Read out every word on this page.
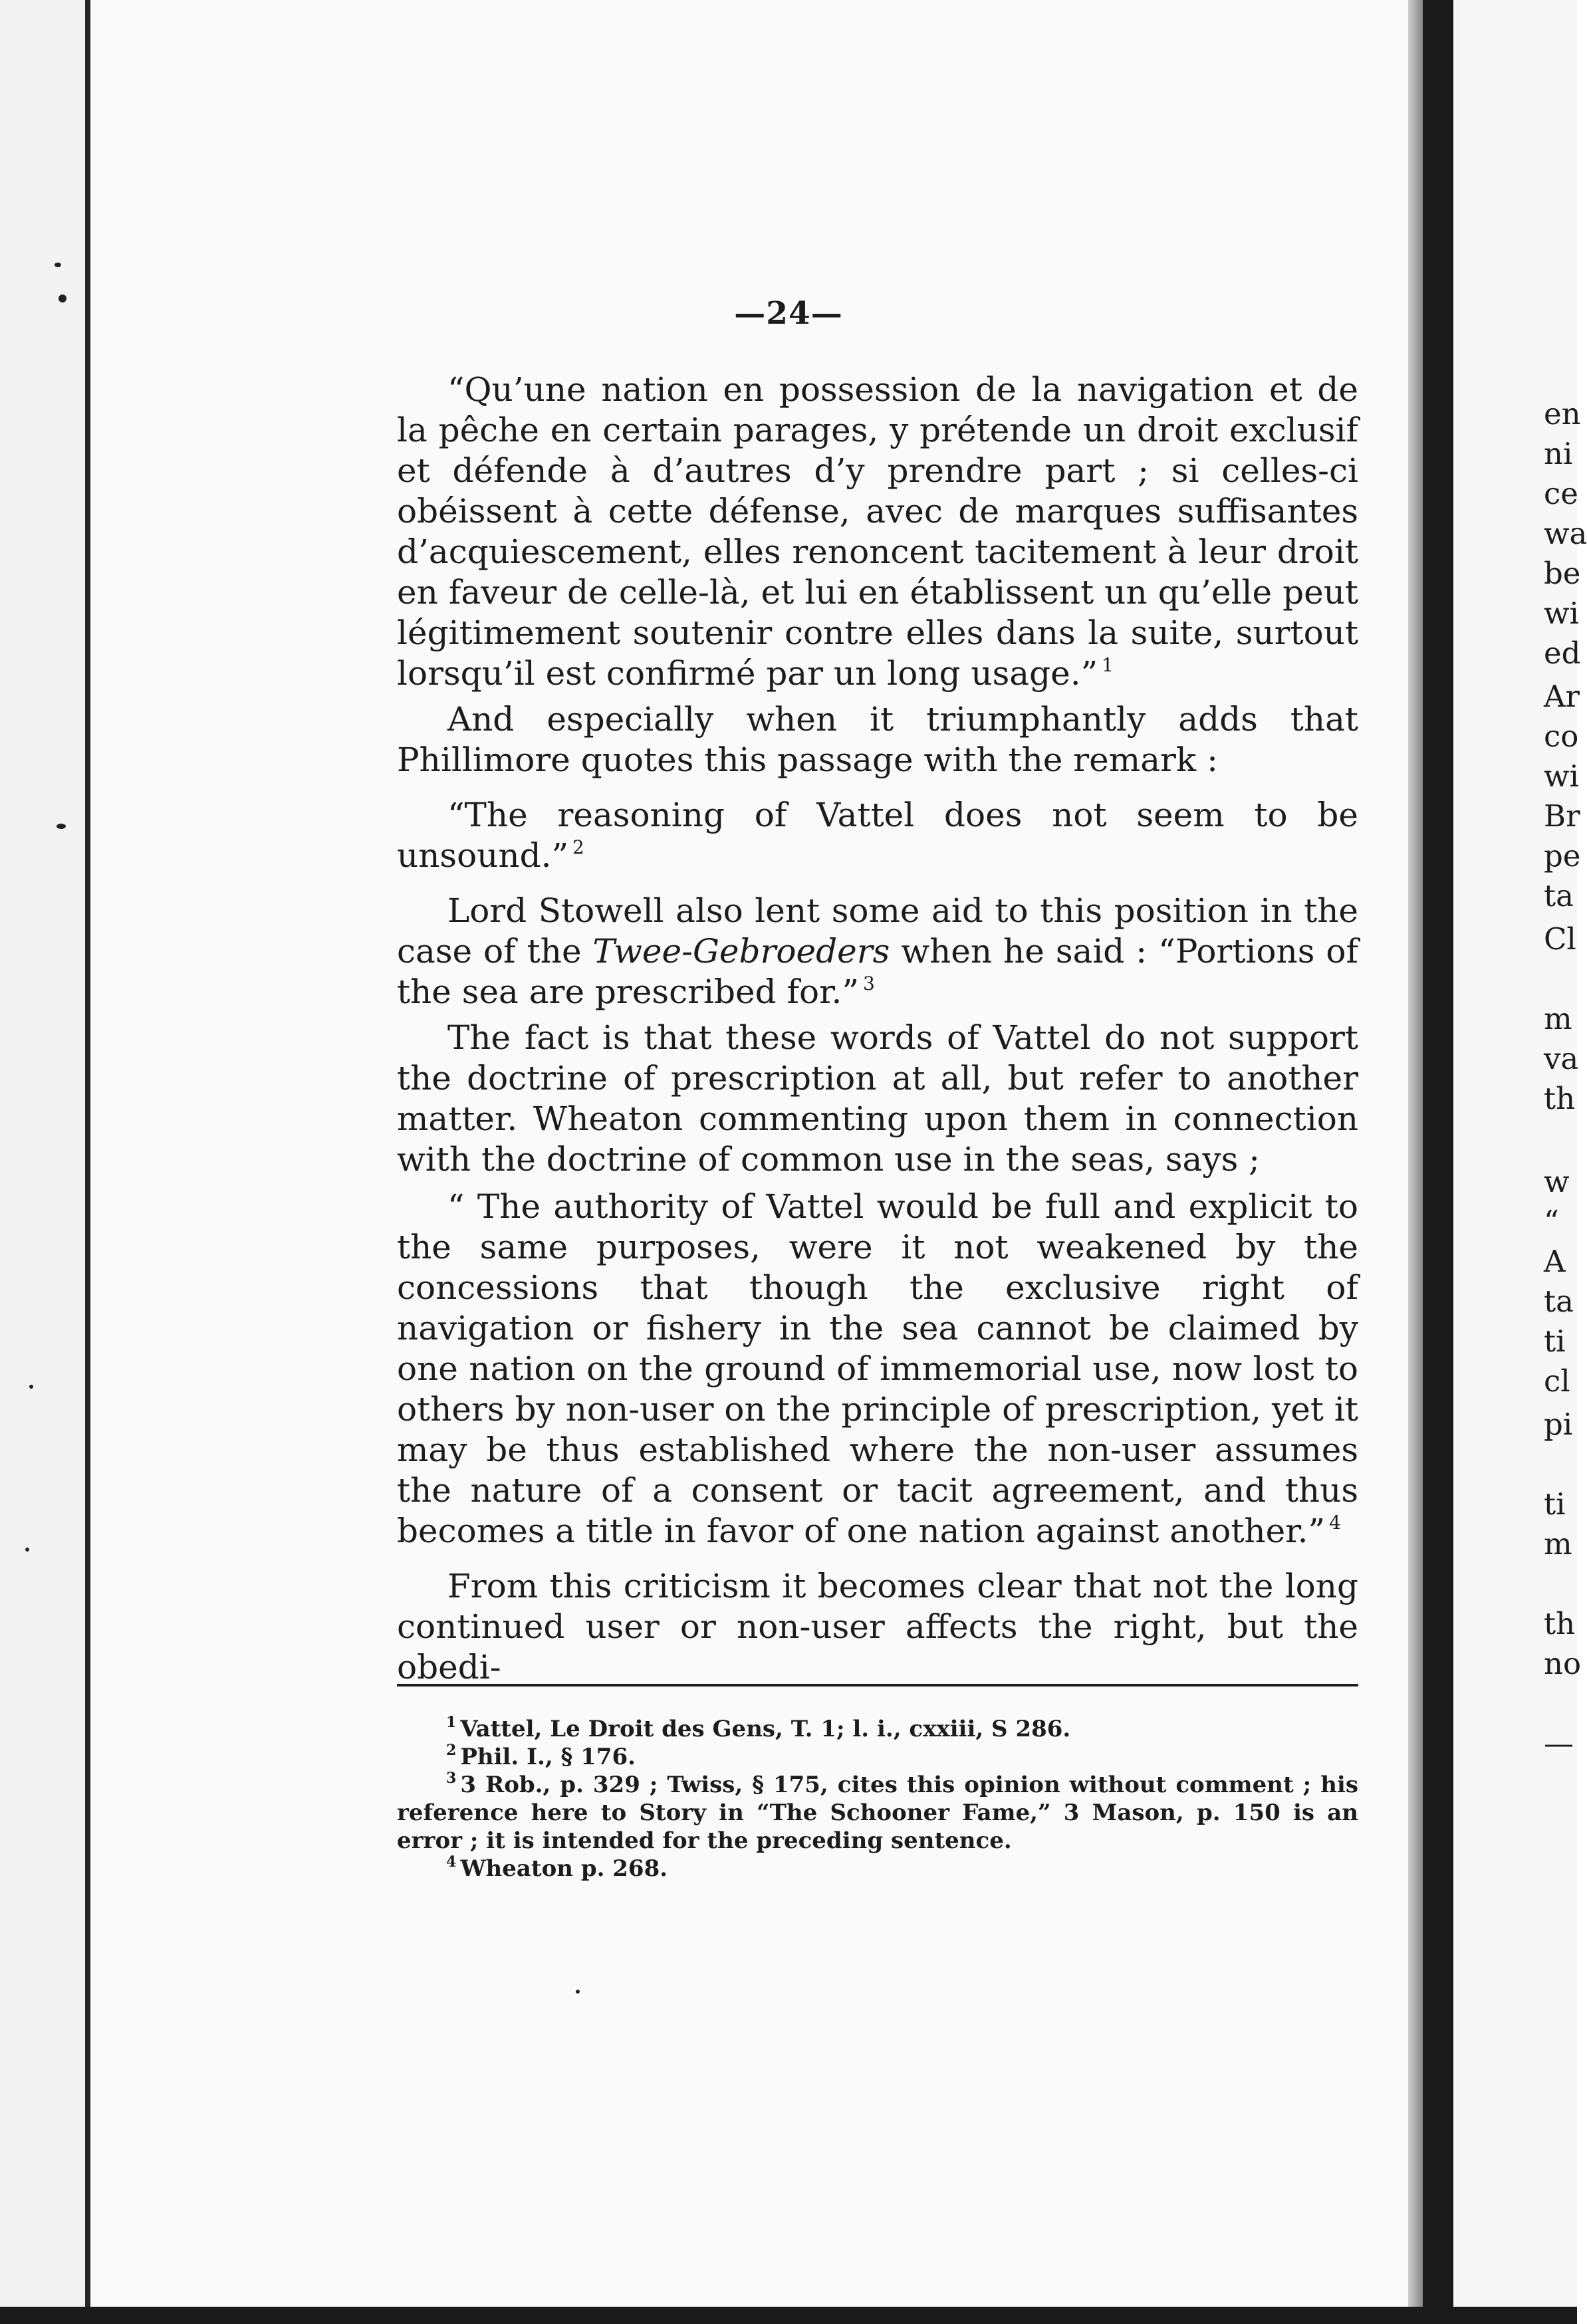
en
ni
ce
wa
be
wi
ed
Ar
co
wi
Br
pe
ta
Cl
m
va
th
w
“
A
ta
ti
cl
pi
ti
m
th
no
—
—24—

“Qu’une nation en possession de la navigation et de la pêche en certain parages, y prétende un droit exclusif et défende à d’autres d’y prendre part ; si celles-ci obéissent à cette défense, avec de marques suffisantes d’acquiescement, elles renoncent tacitement à leur droit en faveur de celle-là, et lui en établissent un qu’elle peut légitimement soutenir contre elles dans la suite, surtout lorsqu’il est confirmé par un long usage.” $^1$

And especially when it triumphantly adds that Phillimore quotes this passage with the remark :

“The reasoning of Vattel does not seem to be unsound.” $^2$

Lord Stowell also lent some aid to this position in the case of the Twee-Gebroeders when he said : “Portions of the sea are prescribed for.” $^3$

The fact is that these words of Vattel do not support the doctrine of prescription at all, but refer to another matter. Wheaton commenting upon them in connection with the doctrine of common use in the seas, says ;

“ The authority of Vattel would be full and explicit to the same purposes, were it not weakened by the concessions that though the exclusive right of navigation or fishery in the sea cannot be claimed by one nation on the ground of immemorial use, now lost to others by non-user on the principle of prescription, yet it may be thus established where the non-user assumes the nature of a consent or tacit agreement, and thus becomes a title in favor of one nation against another.” $^4$

From this criticism it becomes clear that not the long continued user or non-user affects the right, but the obedi-

$^1$ Vattel, Le Droit des Gens, T. 1; l. i., cxxiii, S 286.

$^2$ Phil. I., § 176.

$^3$ 3 Rob., p. 329 ; Twiss, § 175, cites this opinion without comment ; his reference here to Story in “The Schooner Fame,” 3 Mason, p. 150 is an error ; it is intended for the preceding sentence.

$^4$ Wheaton p. 268.
